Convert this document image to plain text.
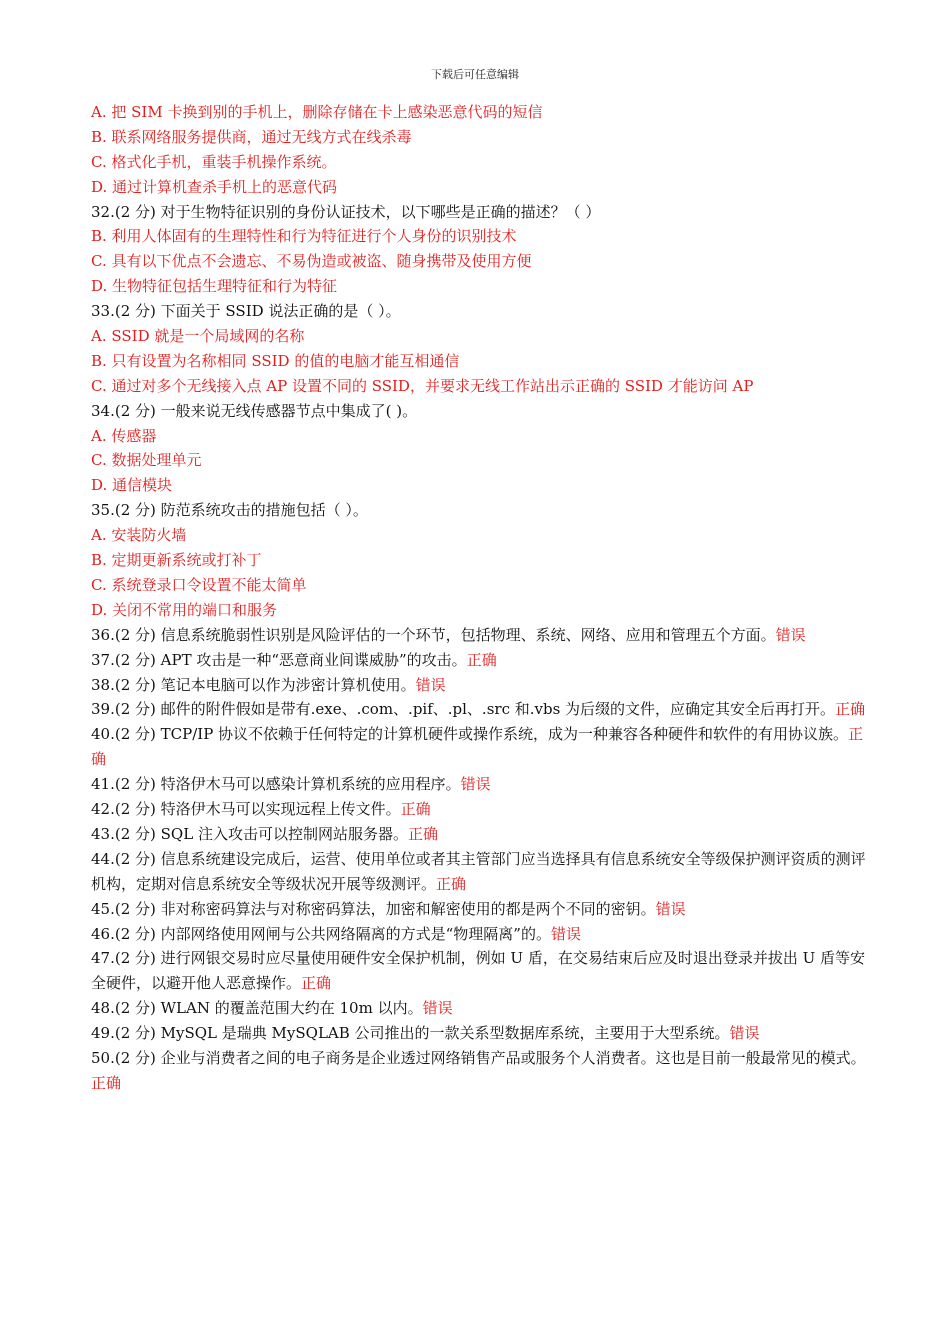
下载后可任意编辑
A. 把 SIM 卡换到别的手机上，删除存储在卡上感染恶意代码的短信
B. 联系网络服务提供商，通过无线方式在线杀毒
C. 格式化手机，重装手机操作系统。
D. 通过计算机查杀手机上的恶意代码
32.(2 分) 对于生物特征识别的身份认证技术，以下哪些是正确的描述？（ ）
B. 利用人体固有的生理特性和行为特征进行个人身份的识别技术
C. 具有以下优点不会遗忘、不易伪造或被盗、随身携带及使用方便
D. 生物特征包括生理特征和行为特征
33.(2 分) 下面关于 SSID 说法正确的是（ ）。
A. SSID 就是一个局域网的名称
B. 只有设置为名称相同 SSID 的值的电脑才能互相通信
C. 通过对多个无线接入点 AP 设置不同的 SSID，并要求无线工作站出示正确的 SSID 才能访问 AP
34.(2 分) 一般来说无线传感器节点中集成了( )。
A. 传感器
C. 数据处理单元
D. 通信模块
35.(2 分) 防范系统攻击的措施包括（ ）。
A. 安装防火墙
B. 定期更新系统或打补丁
C. 系统登录口令设置不能太简单
D. 关闭不常用的端口和服务
36.(2 分) 信息系统脆弱性识别是风险评估的一个环节，包括物理、系统、网络、应用和管理五个方面。错误
37.(2 分) APT 攻击是一种“恶意商业间谍威胁”的攻击。正确
38.(2 分) 笔记本电脑可以作为涉密计算机使用。错误
39.(2 分) 邮件的附件假如是带有.exe、.com、.pif、.pl、.src 和.vbs 为后缀的文件，应确定其安全后再打开。正确
40.(2 分) TCP/IP 协议不依赖于任何特定的计算机硬件或操作系统，成为一种兼容各种硬件和软件的有用协议族。正确
41.(2 分) 特洛伊木马可以感染计算机系统的应用程序。错误
42.(2 分) 特洛伊木马可以实现远程上传文件。正确
43.(2 分) SQL 注入攻击可以控制网站服务器。正确
44.(2 分) 信息系统建设完成后，运营、使用单位或者其主管部门应当选择具有信息系统安全等级保护测评资质的测评机构，定期对信息系统安全等级状况开展等级测评。正确
45.(2 分) 非对称密码算法与对称密码算法，加密和解密使用的都是两个不同的密钥。错误
46.(2 分) 内部网络使用网闸与公共网络隔离的方式是“物理隔离”的。错误
47.(2 分) 进行网银交易时应尽量使用硬件安全保护机制，例如 U 盾，在交易结束后应及时退出登录并拔出 U 盾等安全硬件，以避开他人恶意操作。正确
48.(2 分) WLAN 的覆盖范围大约在 10m 以内。错误
49.(2 分) MySQL 是瑞典 MySQLAB 公司推出的一款关系型数据库系统，主要用于大型系统。错误
50.(2 分) 企业与消费者之间的电子商务是企业透过网络销售产品或服务个人消费者。这也是目前一般最常见的模式。正确
